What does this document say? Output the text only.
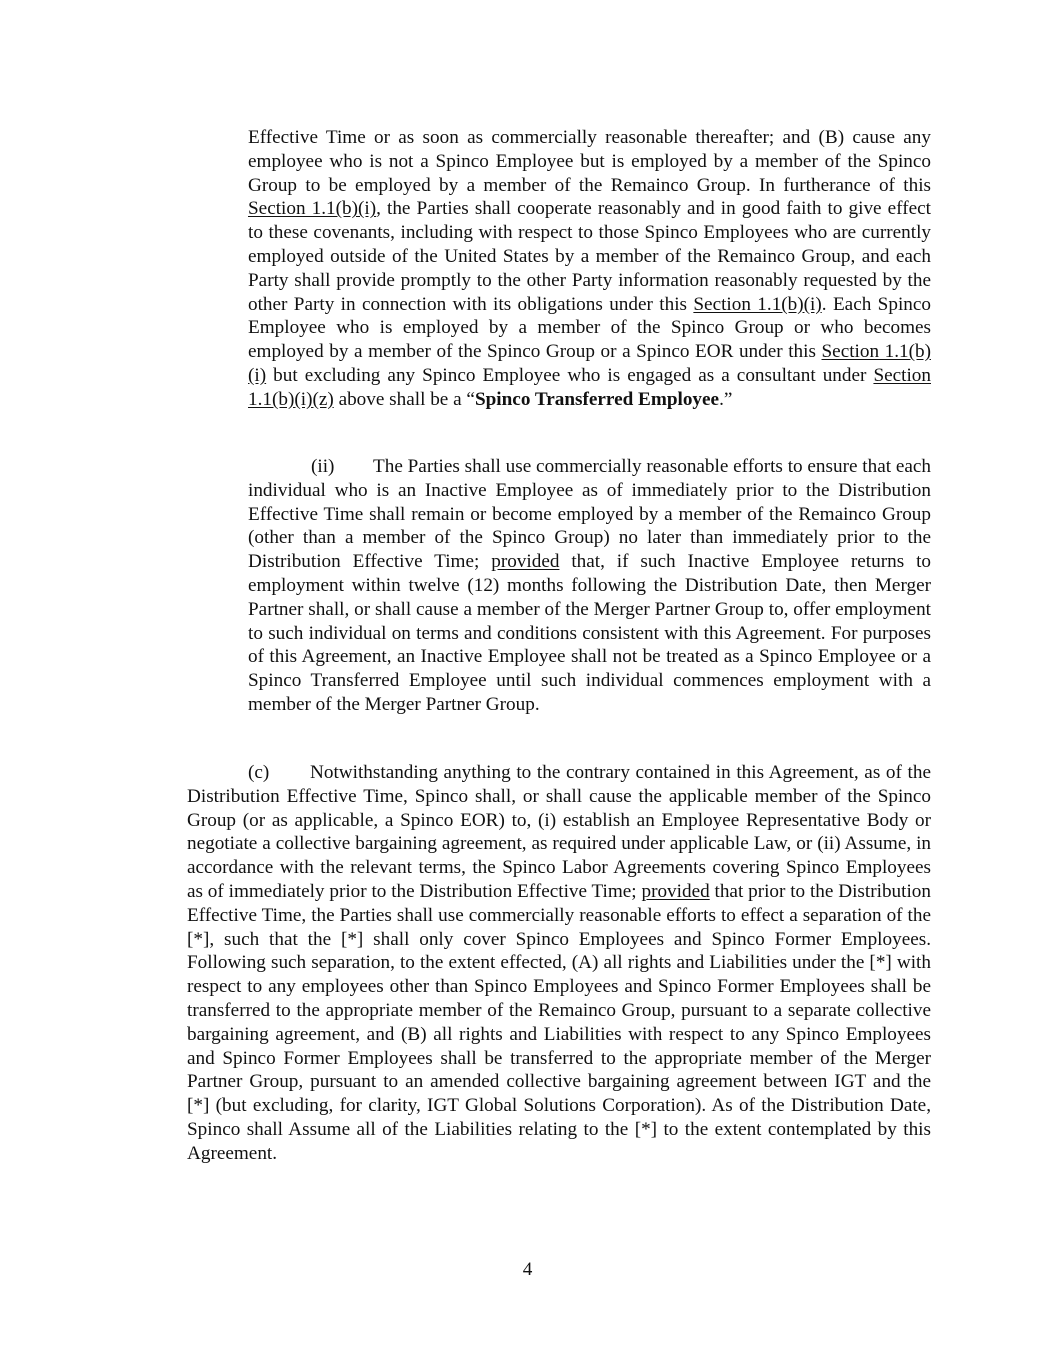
Effective Time or as soon as commercially reasonable thereafter; and (B) cause any employee who is not a Spinco Employee but is employed by a member of the Spinco Group to be employed by a member of the Remainco Group. In furtherance of this Section 1.1(b)(i), the Parties shall cooperate reasonably and in good faith to give effect to these covenants, including with respect to those Spinco Employees who are currently employed outside of the United States by a member of the Remainco Group, and each Party shall provide promptly to the other Party information reasonably requested by the other Party in connection with its obligations under this Section 1.1(b)(i). Each Spinco Employee who is employed by a member of the Spinco Group or who becomes employed by a member of the Spinco Group or a Spinco EOR under this Section 1.1(b)(i) but excluding any Spinco Employee who is engaged as a consultant under Section 1.1(b)(i)(z) above shall be a “Spinco Transferred Employee.”

(ii) The Parties shall use commercially reasonable efforts to ensure that each individual who is an Inactive Employee as of immediately prior to the Distribution Effective Time shall remain or become employed by a member of the Remainco Group (other than a member of the Spinco Group) no later than immediately prior to the Distribution Effective Time; provided that, if such Inactive Employee returns to employment within twelve (12) months following the Distribution Date, then Merger Partner shall, or shall cause a member of the Merger Partner Group to, offer employment to such individual on terms and conditions consistent with this Agreement. For purposes of this Agreement, an Inactive Employee shall not be treated as a Spinco Employee or a Spinco Transferred Employee until such individual commences employment with a member of the Merger Partner Group.

(c) Notwithstanding anything to the contrary contained in this Agreement, as of the Distribution Effective Time, Spinco shall, or shall cause the applicable member of the Spinco Group (or as applicable, a Spinco EOR) to, (i) establish an Employee Representative Body or negotiate a collective bargaining agreement, as required under applicable Law, or (ii) Assume, in accordance with the relevant terms, the Spinco Labor Agreements covering Spinco Employees as of immediately prior to the Distribution Effective Time; provided that prior to the Distribution Effective Time, the Parties shall use commercially reasonable efforts to effect a separation of the [*], such that the [*] shall only cover Spinco Employees and Spinco Former Employees. Following such separation, to the extent effected, (A) all rights and Liabilities under the [*] with respect to any employees other than Spinco Employees and Spinco Former Employees shall be transferred to the appropriate member of the Remainco Group, pursuant to a separate collective bargaining agreement, and (B) all rights and Liabilities with respect to any Spinco Employees and Spinco Former Employees shall be transferred to the appropriate member of the Merger Partner Group, pursuant to an amended collective bargaining agreement between IGT and the [*] (but excluding, for clarity, IGT Global Solutions Corporation). As of the Distribution Date, Spinco shall Assume all of the Liabilities relating to the [*] to the extent contemplated by this Agreement.

4
